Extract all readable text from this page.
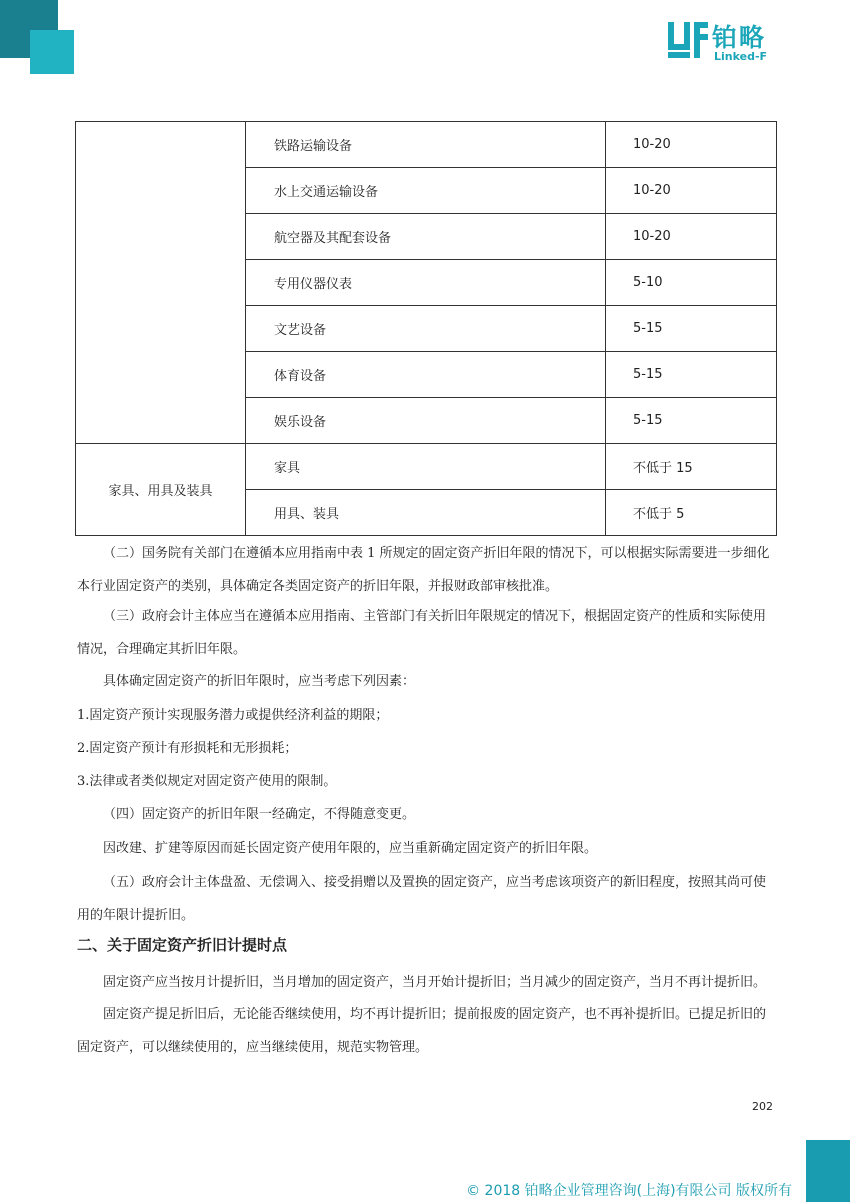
铂略
Linked-F
	铁路运输设备	10-20
	水上交通运输设备	10-20
	航空器及其配套设备	10-20
	专用仪器仪表	5-10
	文艺设备	5-15
	体育设备	5-15
	娱乐设备	5-15
家具、用具及装具	家具	不低于 15
	用具、装具	不低于 5

（二）国务院有关部门在遵循本应用指南中表 1 所规定的固定资产折旧年限的情况下，可以根据实际需要进一步细化本行业固定资产的类别，具体确定各类固定资产的折旧年限，并报财政部审核批准。

（三）政府会计主体应当在遵循本应用指南、主管部门有关折旧年限规定的情况下，根据固定资产的性质和实际使用情况，合理确定其折旧年限。

具体确定固定资产的折旧年限时，应当考虑下列因素：

1.固定资产预计实现服务潜力或提供经济利益的期限；

2.固定资产预计有形损耗和无形损耗；

3.法律或者类似规定对固定资产使用的限制。

（四）固定资产的折旧年限一经确定，不得随意变更。

因改建、扩建等原因而延长固定资产使用年限的，应当重新确定固定资产的折旧年限。

（五）政府会计主体盘盈、无偿调入、接受捐赠以及置换的固定资产，应当考虑该项资产的新旧程度，按照其尚可使用的年限计提折旧。

二、关于固定资产折旧计提时点

固定资产应当按月计提折旧，当月增加的固定资产，当月开始计提折旧；当月减少的固定资产，当月不再计提折旧。

固定资产提足折旧后，无论能否继续使用，均不再计提折旧；提前报废的固定资产，也不再补提折旧。已提足折旧的固定资产，可以继续使用的，应当继续使用，规范实物管理。

202
© 2018 铂略企业管理咨询(上海)有限公司 版权所有
